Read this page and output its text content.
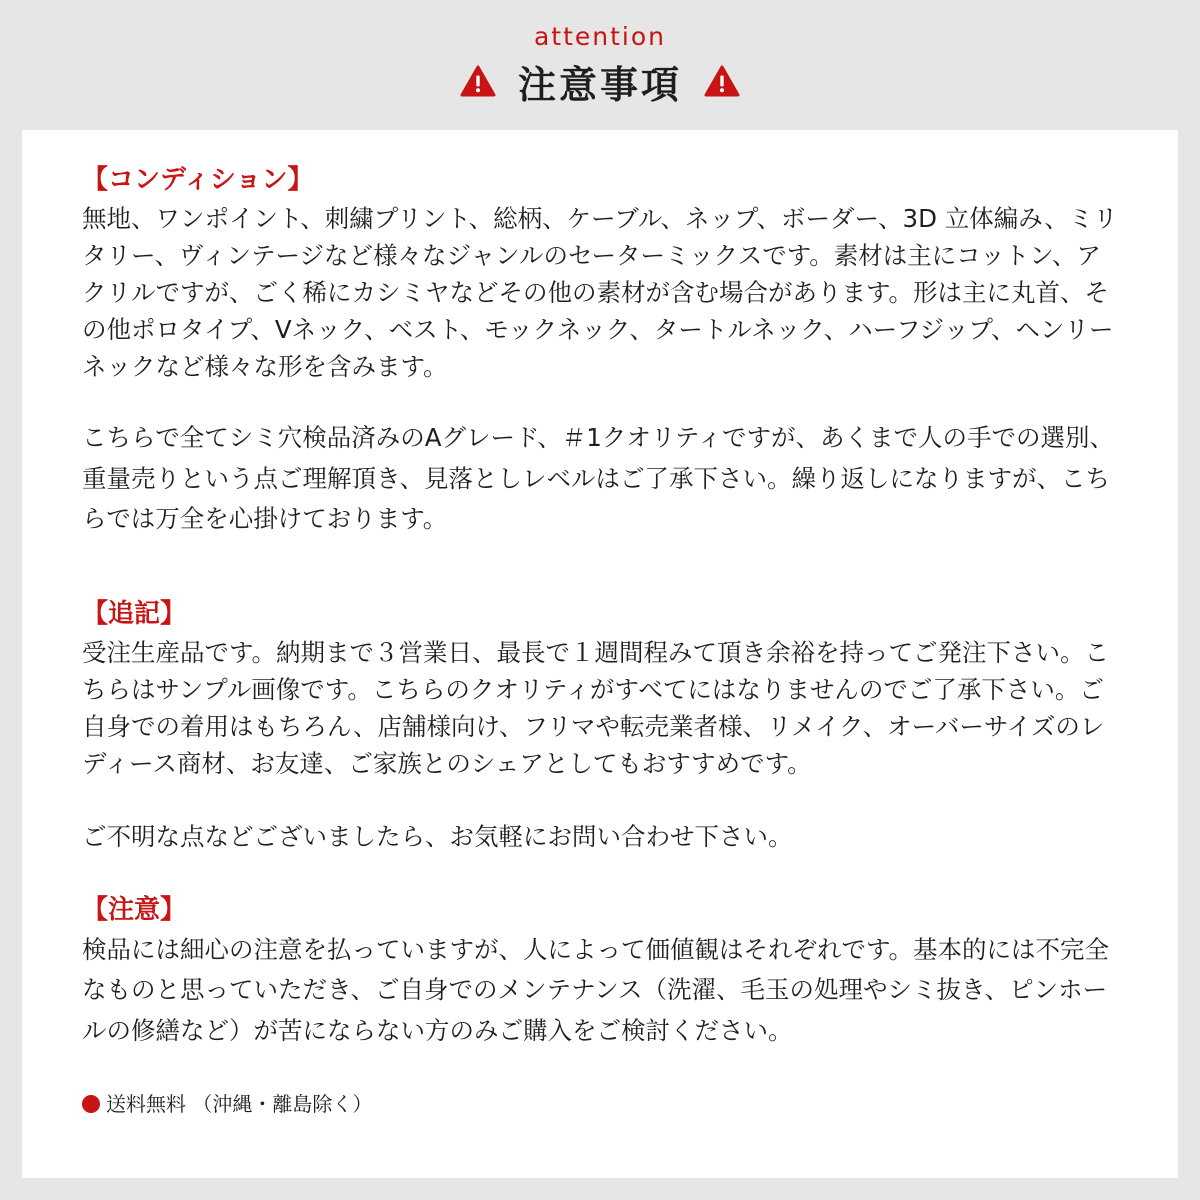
attention
注意事項
【コンディション】

無地、ワンポイント、刺繍プリント、総柄、ケーブル、ネップ、ボーダー、3D 立体編み、ミリタリー、ヴィンテージなど様々なジャンルのセーターミックスです。素材は主にコットン、アクリルですが、ごく稀にカシミヤなどその他の素材が含む場合があります。形は主に丸首、その他ポロタイプ、Vネック、ベスト、モックネック、タートルネック、ハーフジップ、ヘンリーネックなど様々な形を含みます。

こちらで全てシミ穴検品済みのAグレード、＃1クオリティですが、あくまで人の手での選別、重量売りという点ご理解頂き、見落としレベルはご了承下さい。繰り返しになりますが、こちらでは万全を心掛けております。

【追記】

受注生産品です。納期まで３営業日、最長で１週間程みて頂き余裕を持ってご発注下さい。こちらはサンプル画像です。こちらのクオリティがすべてにはなりませんのでご了承下さい。ご自身での着用はもちろん、店舗様向け、フリマや転売業者様、リメイク、オーバーサイズのレディース商材、お友達、ご家族とのシェアとしてもおすすめです。

ご不明な点などございましたら、お気軽にお問い合わせ下さい。

【注意】

検品には細心の注意を払っていますが、人によって価値観はそれぞれです。基本的には不完全なものと思っていただき、ご自身でのメンテナンス（洗濯、毛玉の処理やシミ抜き、ピンホールの修繕など）が苦にならない方のみご購入をご検討ください。

送料無料 （沖縄・離島除く）
